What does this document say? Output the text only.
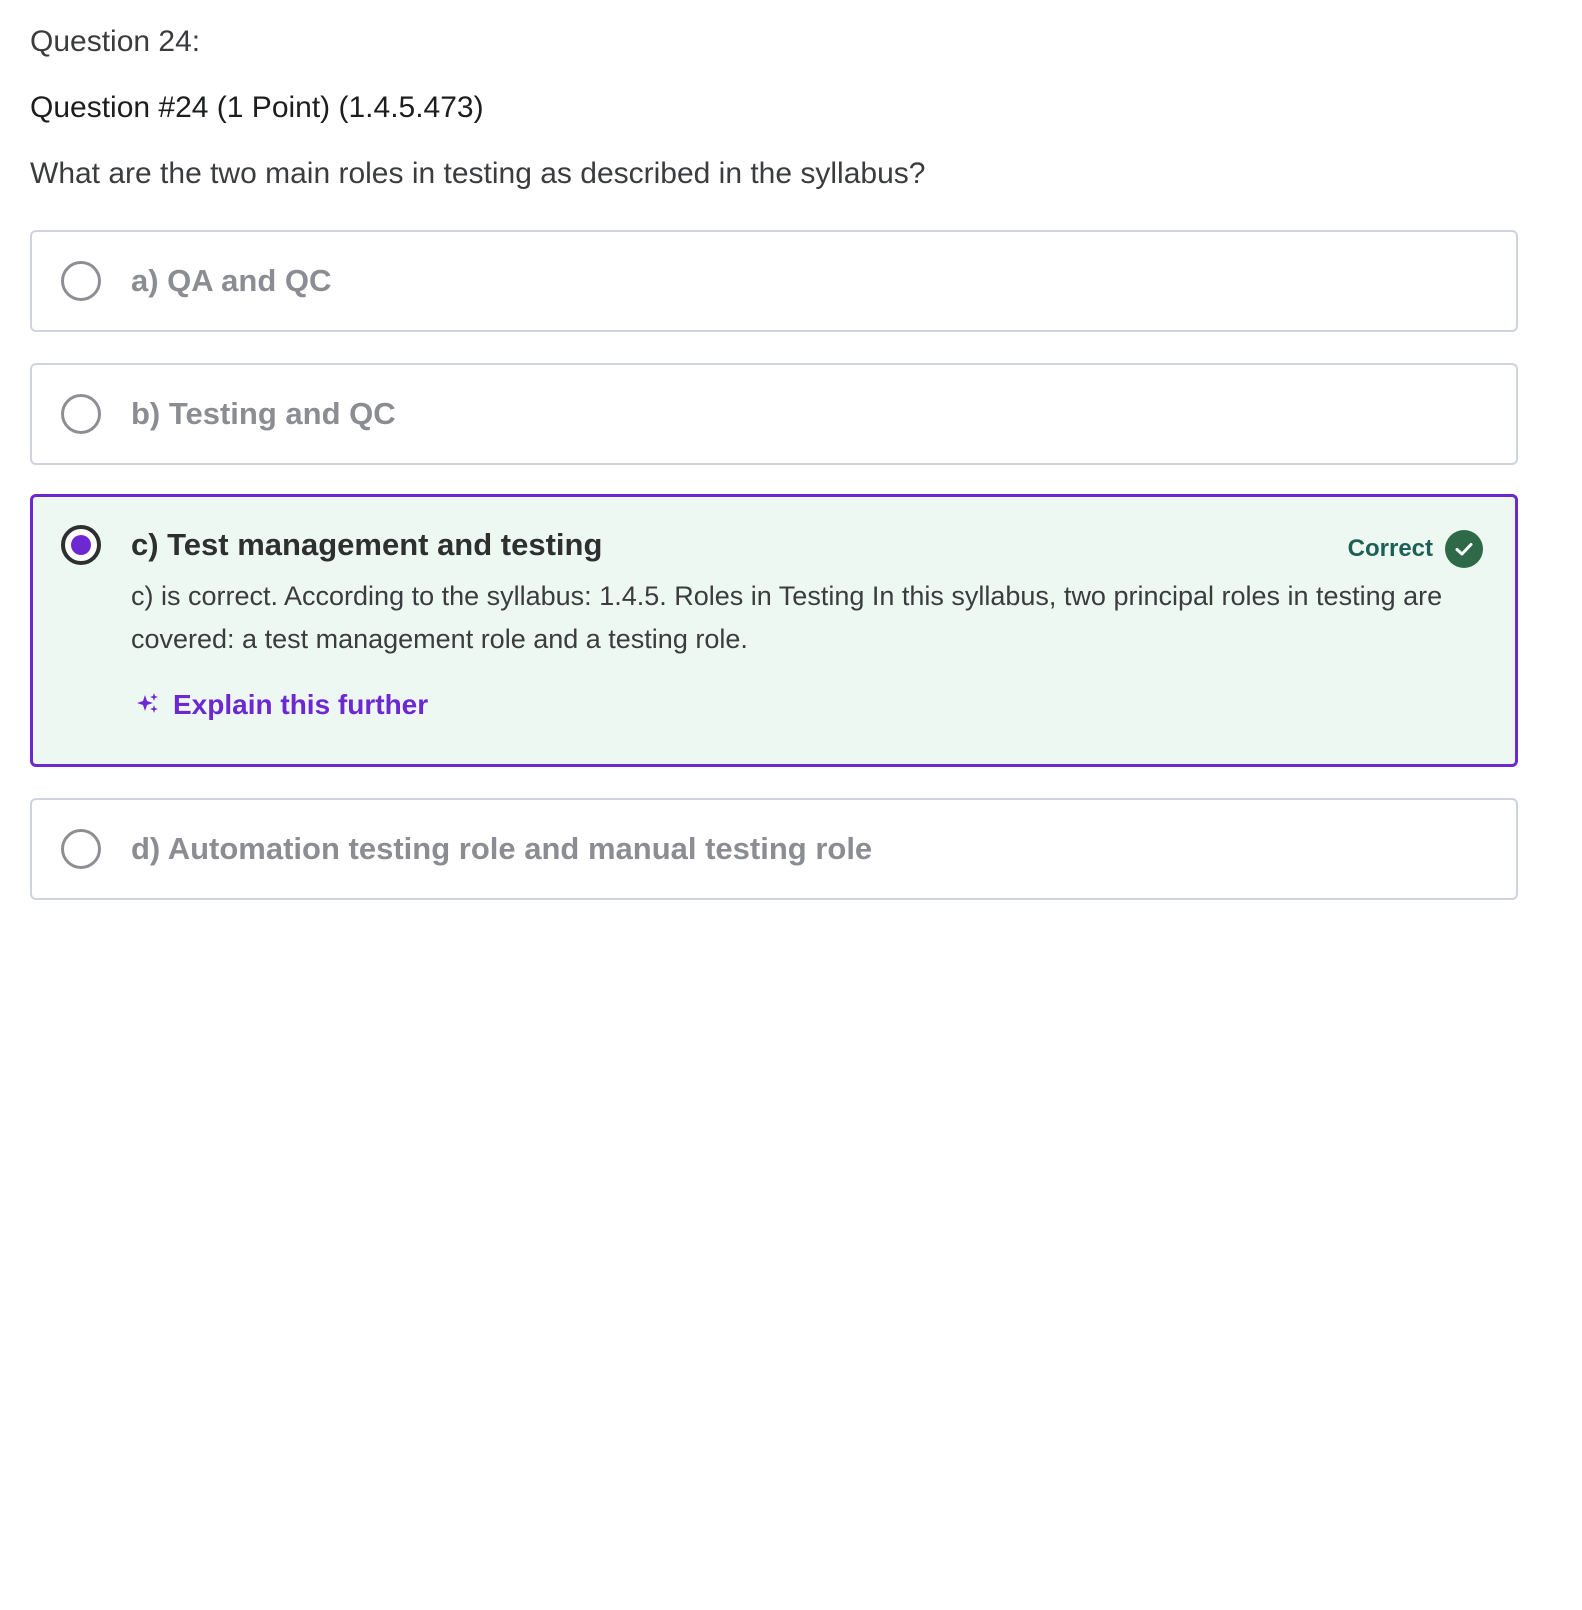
Question 24:
Question #24 (1 Point) (1.4.5.473)
What are the two main roles in testing as described in the syllabus?
a) QA and QC
b) Testing and QC
c) Test management and testing	Correct
c) is correct. According to the syllabus: 1.4.5. Roles in Testing In this syllabus, two principal roles in testing are covered: a test management role and a testing role.
Explain this further
d) Automation testing role and manual testing role
